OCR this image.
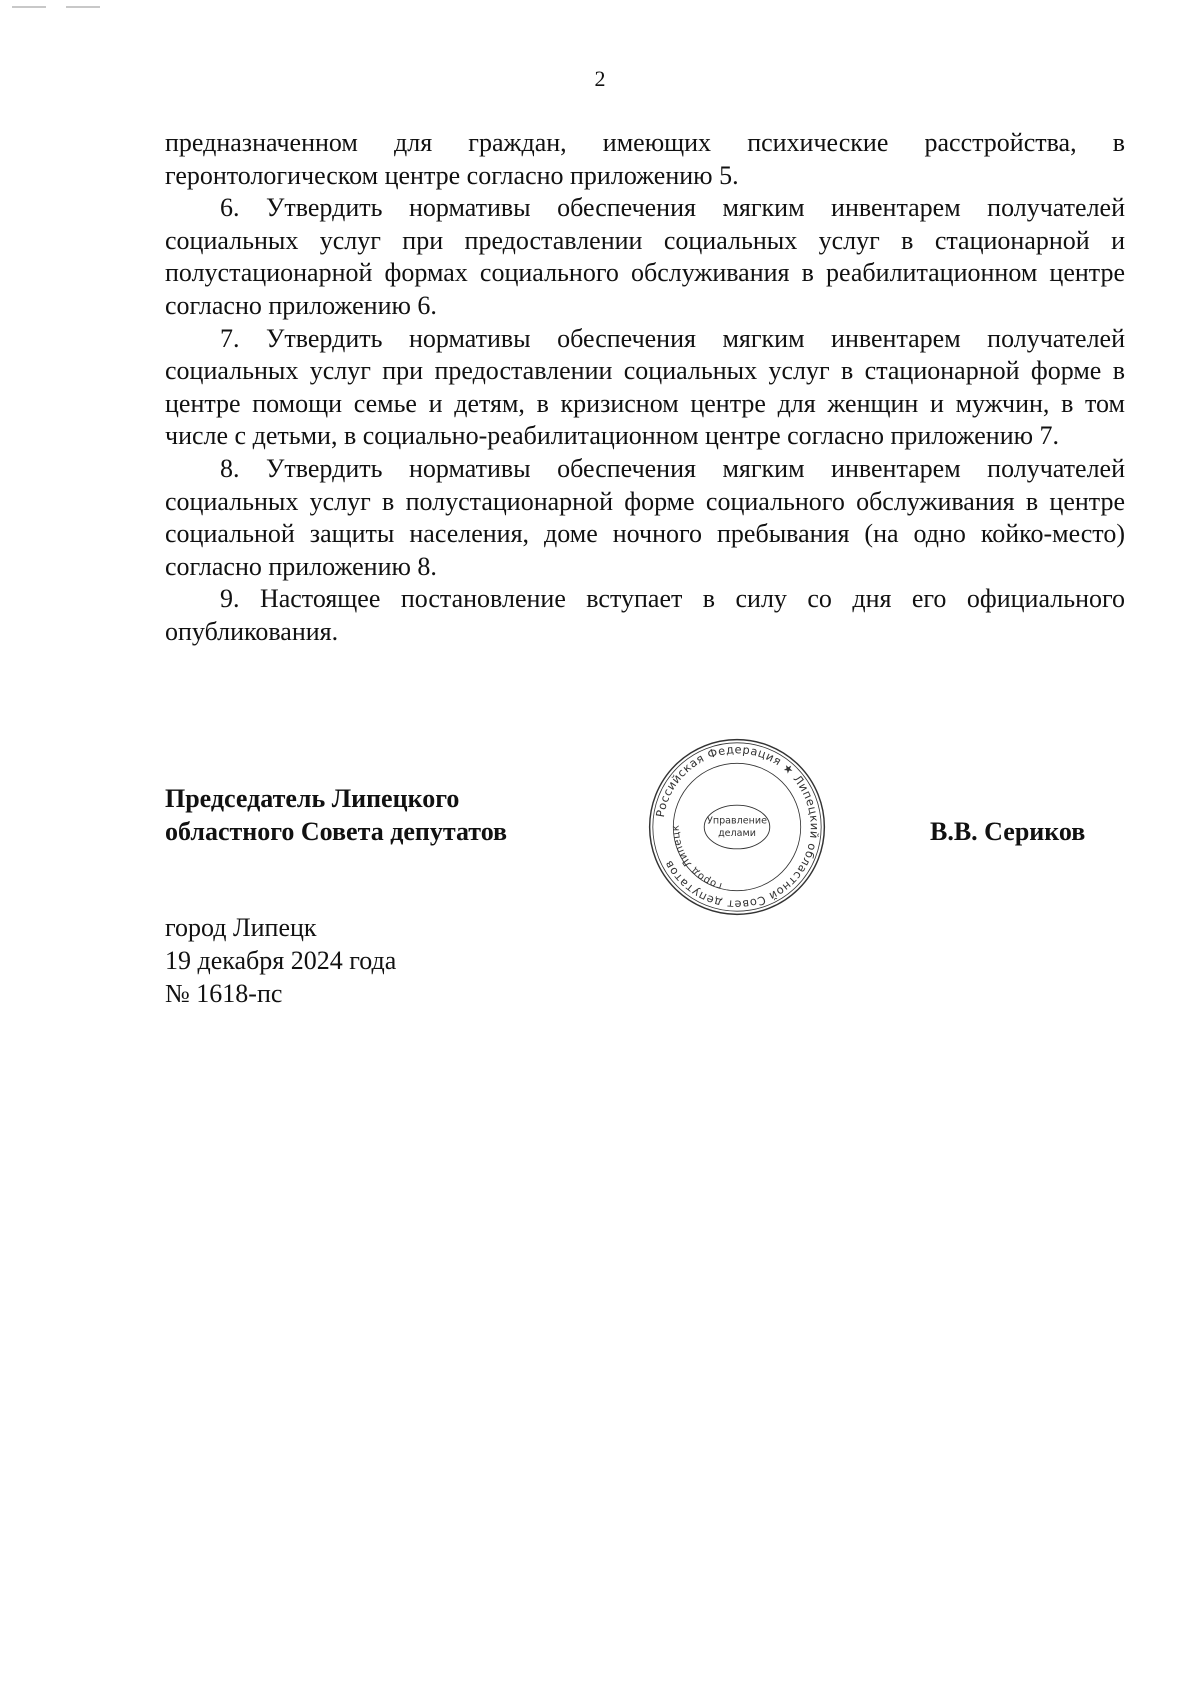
2

предназначенном для граждан, имеющих психические расстройства, в геронтологическом центре согласно приложению 5.

6. Утвердить нормативы обеспечения мягким инвентарем получателей социальных услуг при предоставлении социальных услуг в стационарной и полустационарной формах социального обслуживания в реабилитационном центре согласно приложению 6.

7. Утвердить нормативы обеспечения мягким инвентарем получателей социальных услуг при предоставлении социальных услуг в стационарной форме в центре помощи семье и детям, в кризисном центре для женщин и мужчин, в том числе с детьми, в социально-реабилитационном центре согласно приложению 7.

8. Утвердить нормативы обеспечения мягким инвентарем получателей социальных услуг в полустационарной форме социального обслуживания в центре социальной защиты населения, доме ночного пребывания (на одно койко-место) согласно приложению 8.

9. Настоящее постановление вступает в силу со дня его официального опубликования.

Председатель Липецкого
областного Совета депутатов
Российская Федерация ★ Липецкий областной Совет депутатов
город Липецк
Управление
делами	В.В. Сериков
город Липецк
19 декабря 2024 года
№ 1618-пс
